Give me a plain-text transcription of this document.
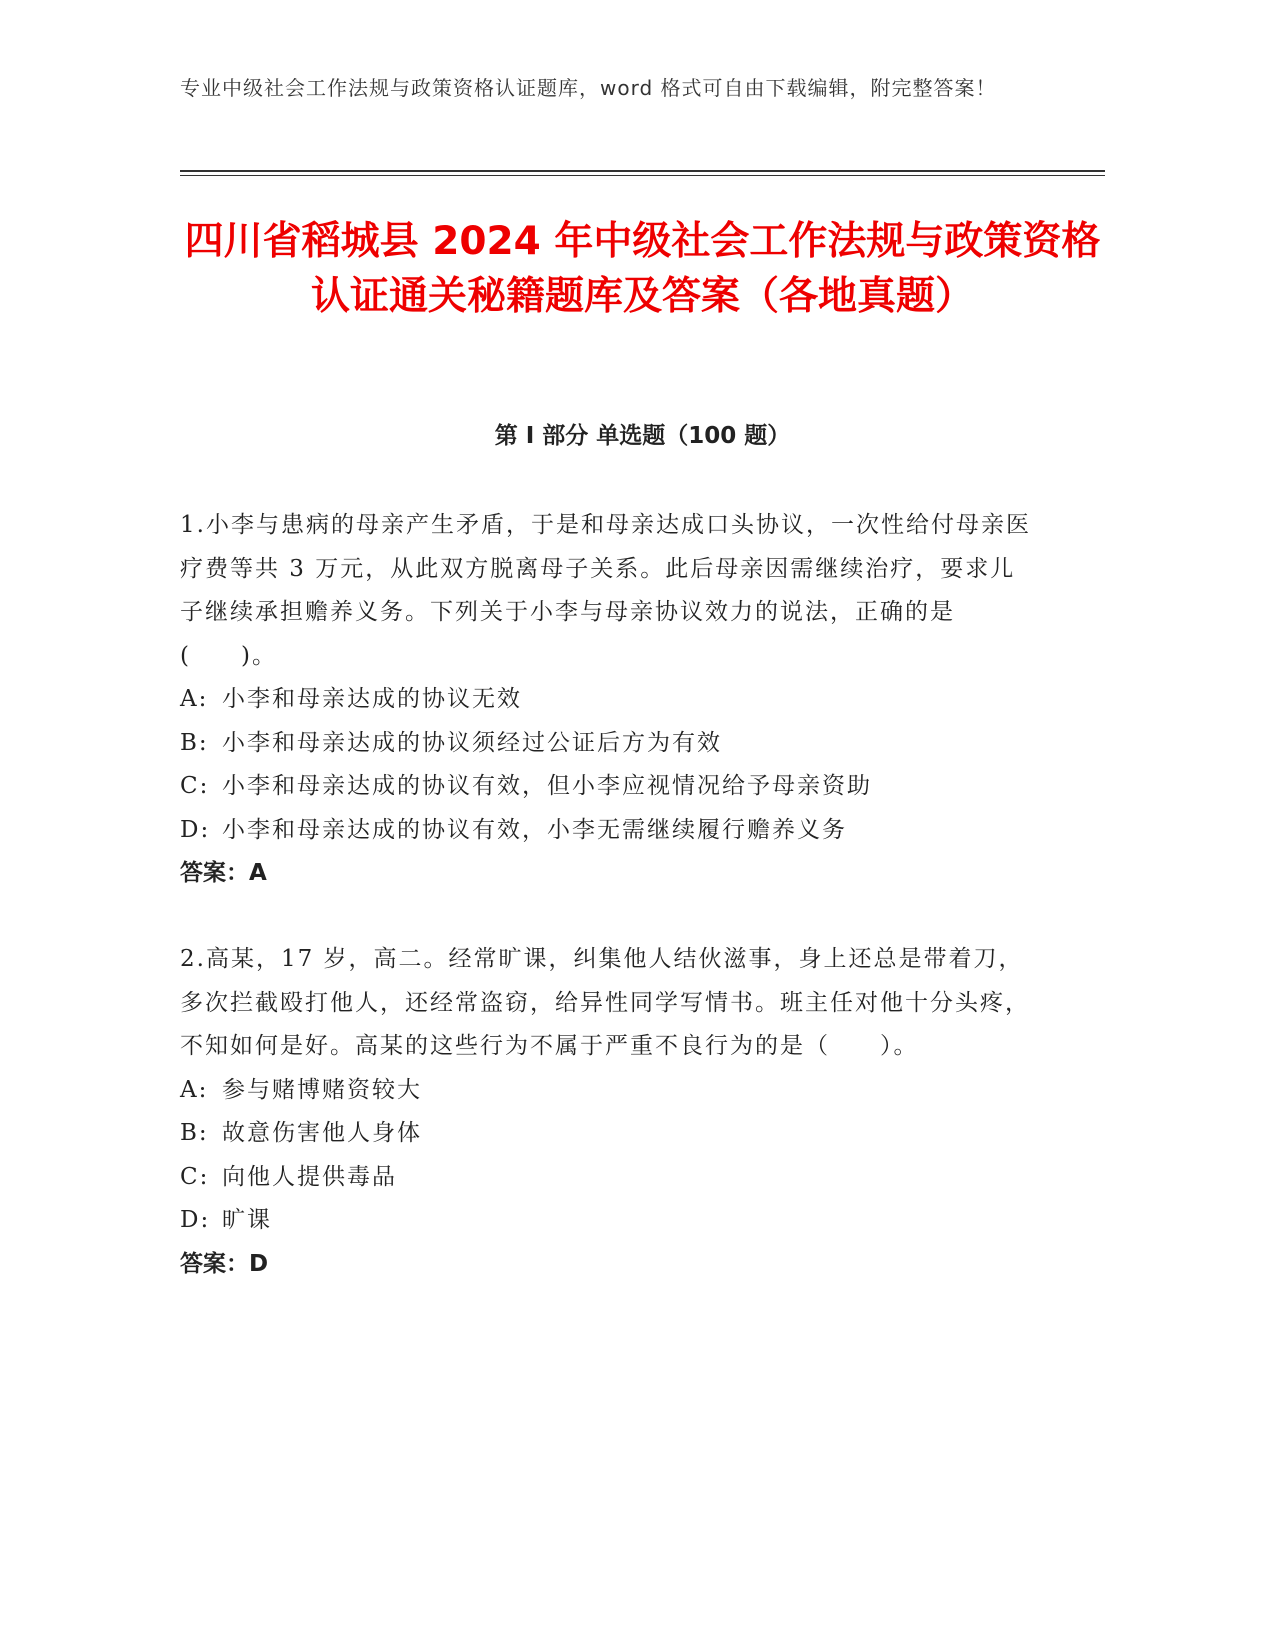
专业中级社会工作法规与政策资格认证题库，word 格式可自由下载编辑，附完整答案！
四川省稻城县 2024 年中级社会工作法规与政策资格认证通关秘籍题库及答案（各地真题）
第 I 部分 单选题（100 题）
1.小李与患病的母亲产生矛盾，于是和母亲达成口头协议，一次性给付母亲医疗费等共 3 万元，从此双方脱离母子关系。此后母亲因需继续治疗，要求儿子继续承担赡养义务。下列关于小李与母亲协议效力的说法，正确的是(　　)。
A: 小李和母亲达成的协议无效
B: 小李和母亲达成的协议须经过公证后方为有效
C: 小李和母亲达成的协议有效，但小李应视情况给予母亲资助
D: 小李和母亲达成的协议有效，小李无需继续履行赡养义务
答案：A
2.高某，17 岁，高二。经常旷课，纠集他人结伙滋事，身上还总是带着刀，多次拦截殴打他人，还经常盗窃，给异性同学写情书。班主任对他十分头疼，不知如何是好。高某的这些行为不属于严重不良行为的是（　　）。
A: 参与赌博赌资较大
B: 故意伤害他人身体
C: 向他人提供毒品
D: 旷课
答案：D
